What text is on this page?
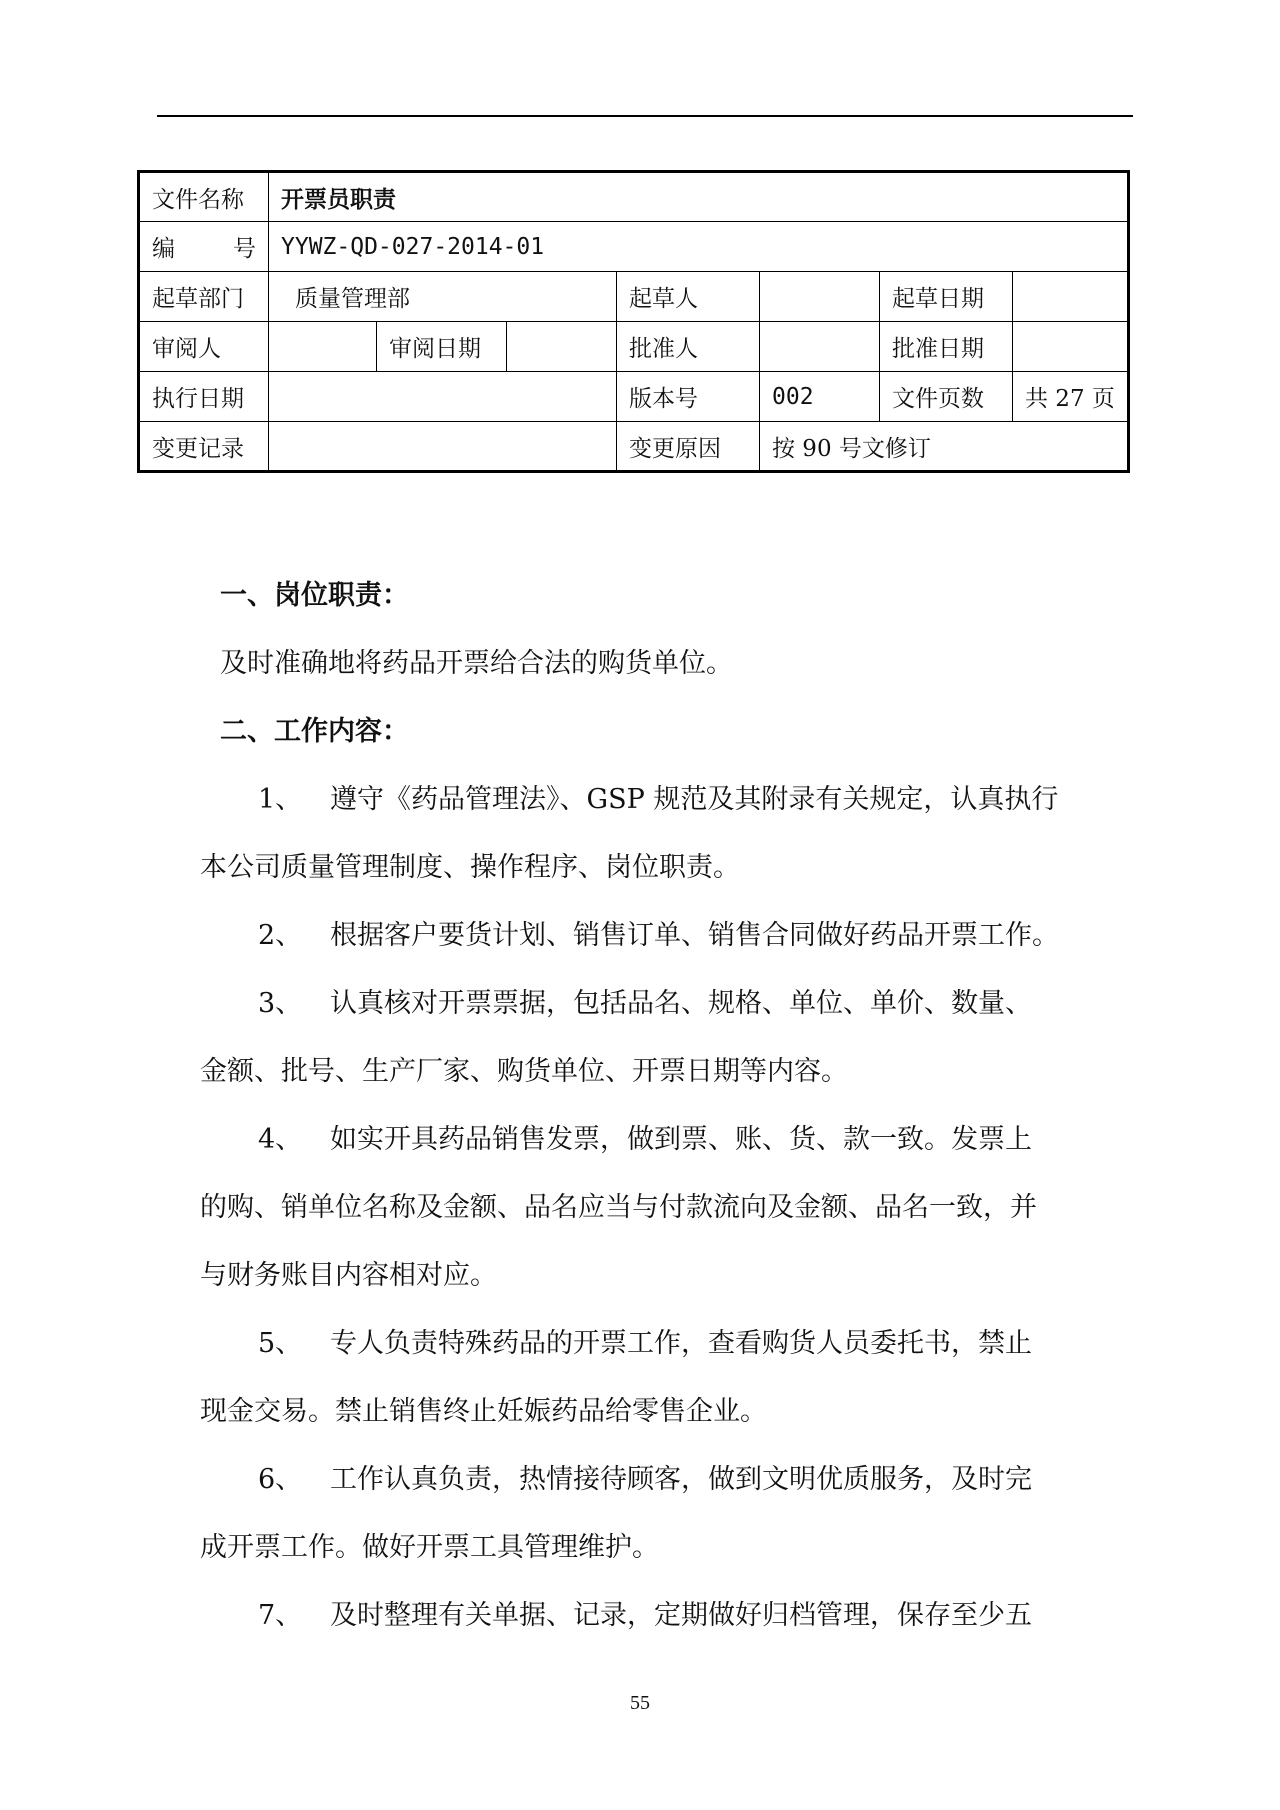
文件名称	开票员职责						

编 号	YYWZ-QD-027-2014-01						
起草部门	质量管理部			起草人		起草日期	
审阅人		审阅日期		批准人		批准日期	
执行日期				版本号	002	文件页数	共 27 页
变更记录				变更原因	按 90 号文修订		
一、岗位职责：
及时准确地将药品开票给合法的购货单位。
二、工作内容：
1、	遵守《药品管理法》、GSP 规范及其附录有关规定，认真执行
本公司质量管理制度、操作程序、岗位职责。
2、	根据客户要货计划、销售订单、销售合同做好药品开票工作。
3、	认真核对开票票据，包括品名、规格、单位、单价、数量、
金额、批号、生产厂家、购货单位、开票日期等内容。
4、	如实开具药品销售发票，做到票、账、货、款一致。发票上
的购、销单位名称及金额、品名应当与付款流向及金额、品名一致，并
与财务账目内容相对应。
5、	专人负责特殊药品的开票工作，查看购货人员委托书，禁止
现金交易。禁止销售终止妊娠药品给零售企业。
6、	工作认真负责，热情接待顾客，做到文明优质服务，及时完
成开票工作。做好开票工具管理维护。
7、	及时整理有关单据、记录，定期做好归档管理，保存至少五
55
